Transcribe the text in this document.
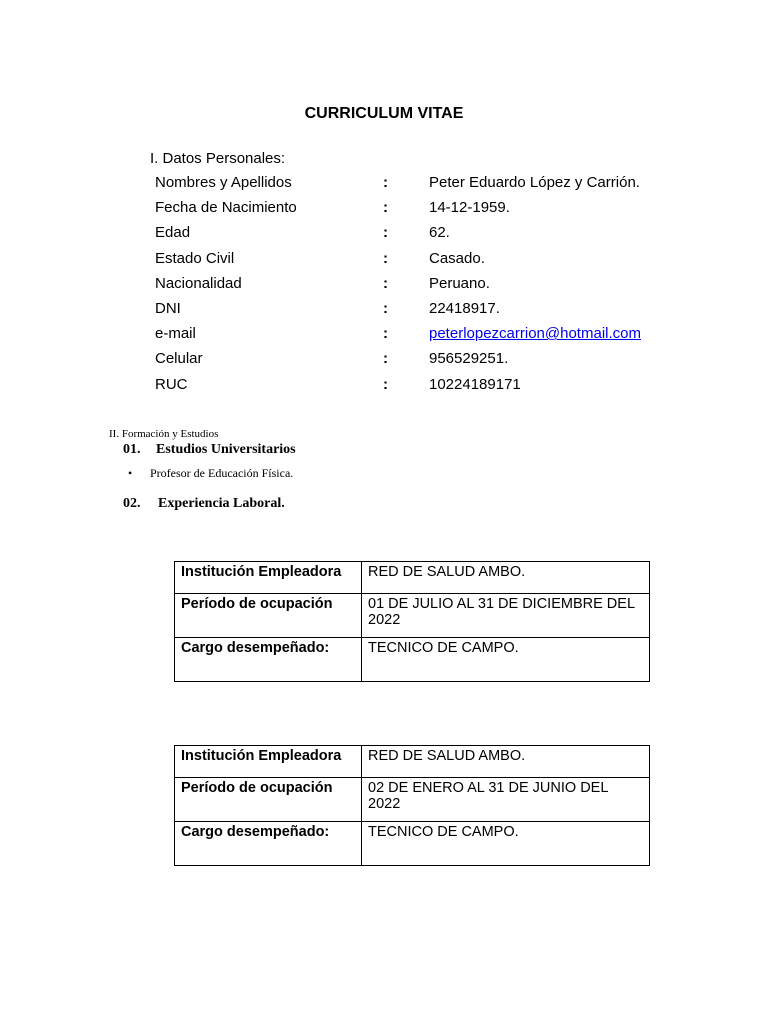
CURRICULUM VITAE
I. Datos Personales:
Nombres y Apellidos	:	Peter Eduardo López y Carrión.
Fecha de Nacimiento	:	14-12-1959.
Edad	:	62.
Estado Civil	:	Casado.
Nacionalidad	:	Peruano.
DNI	:	22418917.
e-mail	:	peterlopezcarrion@hotmail.com
Celular	:	956529251.
RUC	:	10224189171
II. Formación y Estudios
01. Estudios Universitarios
• Profesor de Educación Física.
02. Experiencia Laboral.
Institución Empleadora	RED DE SALUD AMBO.
Período de ocupación	01 DE JULIO AL 31 DE DICIEMBRE DEL 2022
Cargo desempeñado:	TECNICO DE CAMPO.
Institución Empleadora	RED DE SALUD AMBO.
Período de ocupación	02 DE ENERO AL 31 DE JUNIO DEL 2022
Cargo desempeñado:	TECNICO DE CAMPO.
